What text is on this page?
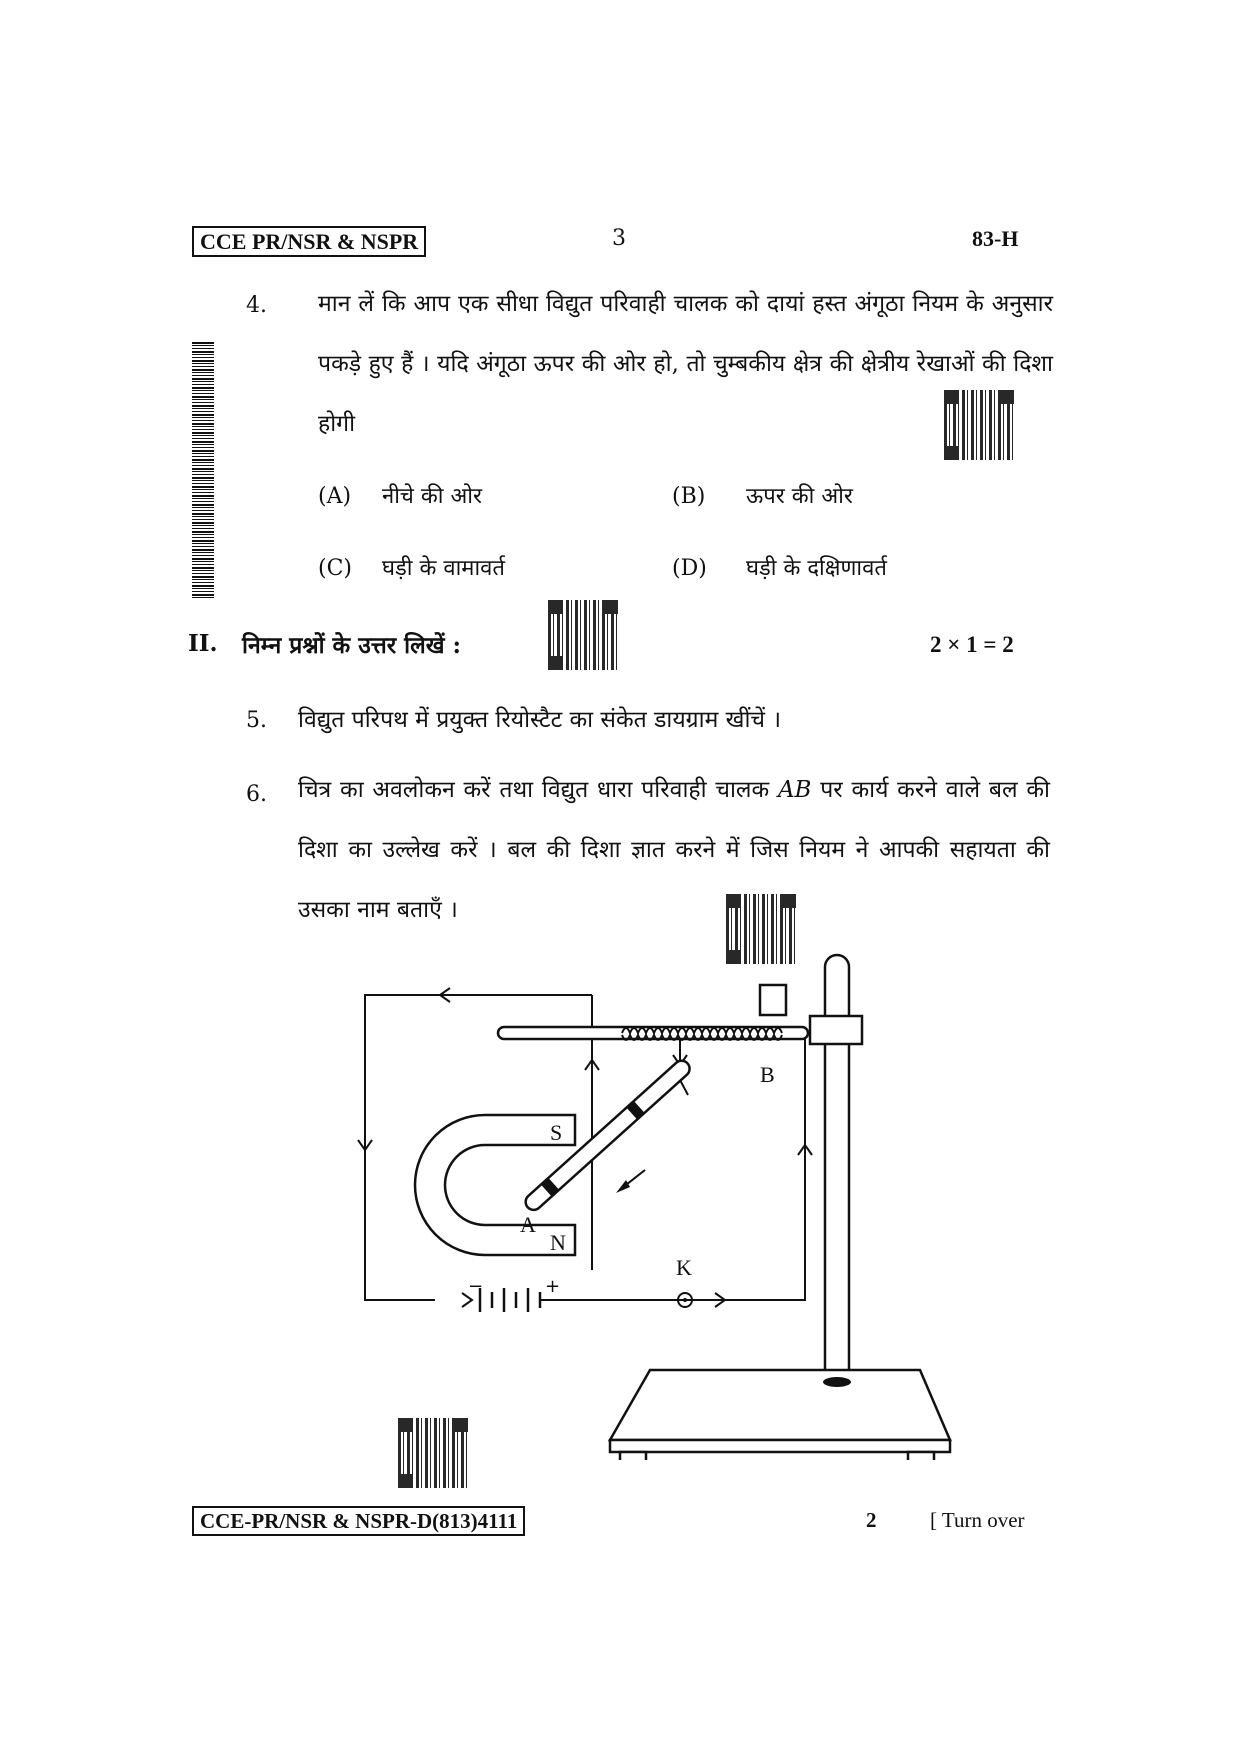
CCE PR/NSR & NSPR	3	83-H
4. मान लें कि आप एक सीधा विद्युत परिवाही चालक को दायां हस्त अंगूठा नियम के अनुसार पकड़े हुए हैं । यदि अंगूठा ऊपर की ओर हो, तो चुम्बकीय क्षेत्र की क्षेत्रीय रेखाओं की दिशा होगी
(A) नीचे की ओर	(B) ऊपर की ओर
(C) घड़ी के वामावर्त	(D) घड़ी के दक्षिणावर्त
II. निम्न प्रश्नों के उत्तर लिखें :	2 × 1 = 2
5. विद्युत परिपथ में प्रयुक्त रियोस्टैट का संकेत डायग्राम खींचें ।
6. चित्र का अवलोकन करें तथा विद्युत धारा परिवाही चालक AB पर कार्य करने वाले बल की दिशा का उल्लेख करें । बल की दिशा ज्ञात करने में जिस नियम ने आपकी सहायता की उसका नाम बताएँ ।
−	+
K
S
N
A
B
CCE-PR/NSR & NSPR-D(813)4111	2	[ Turn over
